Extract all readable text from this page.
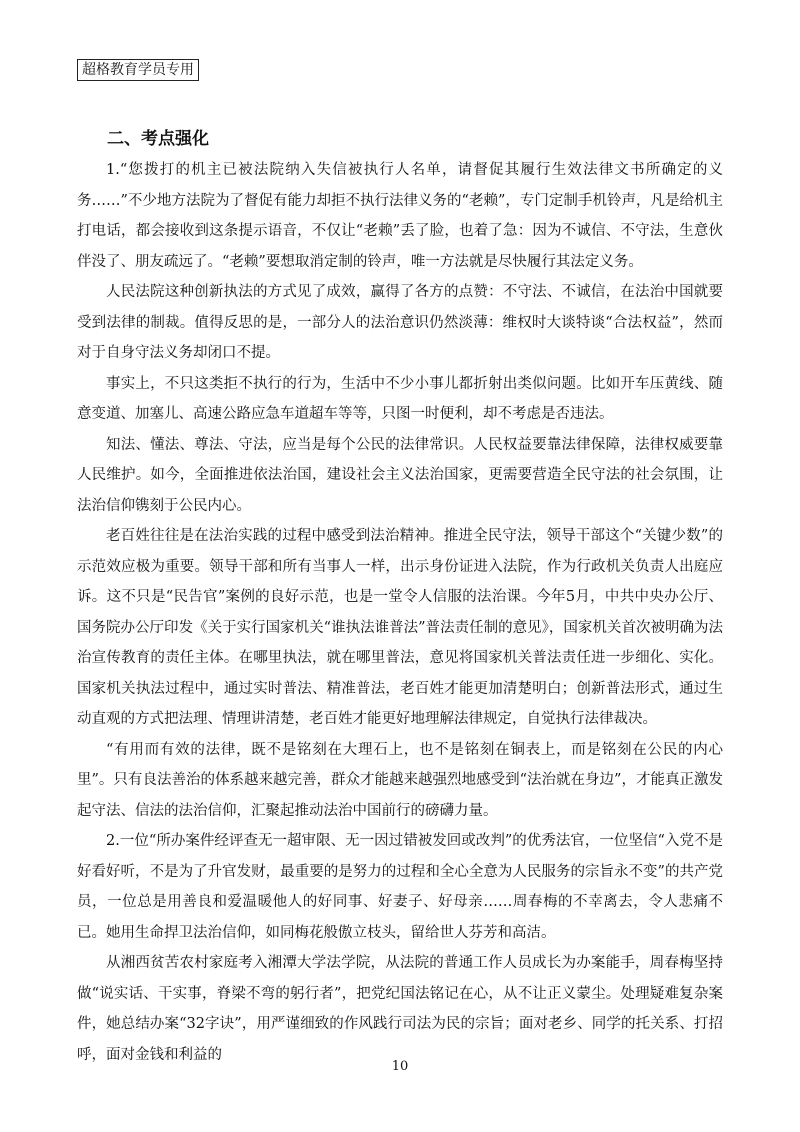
超格教育学员专用
二、考点强化

1.“您拨打的机主已被法院纳入失信被执行人名单，请督促其履行生效法律文书所确定的义务……”不少地方法院为了督促有能力却拒不执行法律义务的“老赖”，专门定制手机铃声，凡是给机主打电话，都会接收到这条提示语音，不仅让“老赖”丢了脸，也着了急：因为不诚信、不守法，生意伙伴没了、朋友疏远了。“老赖”要想取消定制的铃声，唯一方法就是尽快履行其法定义务。

人民法院这种创新执法的方式见了成效，赢得了各方的点赞：不守法、不诚信，在法治中国就要受到法律的制裁。值得反思的是，一部分人的法治意识仍然淡薄：维权时大谈特谈“合法权益”，然而对于自身守法义务却闭口不提。

事实上，不只这类拒不执行的行为，生活中不少小事儿都折射出类似问题。比如开车压黄线、随意变道、加塞儿、高速公路应急车道超车等等，只图一时便利，却不考虑是否违法。

知法、懂法、尊法、守法，应当是每个公民的法律常识。人民权益要靠法律保障，法律权威要靠人民维护。如今，全面推进依法治国，建设社会主义法治国家，更需要营造全民守法的社会氛围，让法治信仰镌刻于公民内心。

老百姓往往是在法治实践的过程中感受到法治精神。推进全民守法，领导干部这个“关键少数”的示范效应极为重要。领导干部和所有当事人一样，出示身份证进入法院，作为行政机关负责人出庭应诉。这不只是“民告官”案例的良好示范，也是一堂令人信服的法治课。今年5月，中共中央办公厅、国务院办公厅印发《关于实行国家机关“谁执法谁普法”普法责任制的意见》，国家机关首次被明确为法治宣传教育的责任主体。在哪里执法，就在哪里普法，意见将国家机关普法责任进一步细化、实化。国家机关执法过程中，通过实时普法、精准普法，老百姓才能更加清楚明白；创新普法形式，通过生动直观的方式把法理、情理讲清楚，老百姓才能更好地理解法律规定，自觉执行法律裁决。

“有用而有效的法律，既不是铭刻在大理石上，也不是铭刻在铜表上，而是铭刻在公民的内心里”。只有良法善治的体系越来越完善，群众才能越来越强烈地感受到“法治就在身边”，才能真正激发起守法、信法的法治信仰，汇聚起推动法治中国前行的磅礴力量。

2.一位“所办案件经评查无一超审限、无一因过错被发回或改判”的优秀法官，一位坚信“入党不是好看好听，不是为了升官发财，最重要的是努力的过程和全心全意为人民服务的宗旨永不变”的共产党员，一位总是用善良和爱温暖他人的好同事、好妻子、好母亲……周春梅的不幸离去，令人悲痛不已。她用生命捍卫法治信仰，如同梅花般傲立枝头，留给世人芬芳和高洁。

从湘西贫苦农村家庭考入湘潭大学法学院，从法院的普通工作人员成长为办案能手，周春梅坚持做“说实话、干实事，脊梁不弯的躬行者”，把党纪国法铭记在心，从不让正义蒙尘。处理疑难复杂案件，她总结办案“32字诀”，用严谨细致的作风践行司法为民的宗旨；面对老乡、同学的托关系、打招呼，面对金钱和利益的

10
